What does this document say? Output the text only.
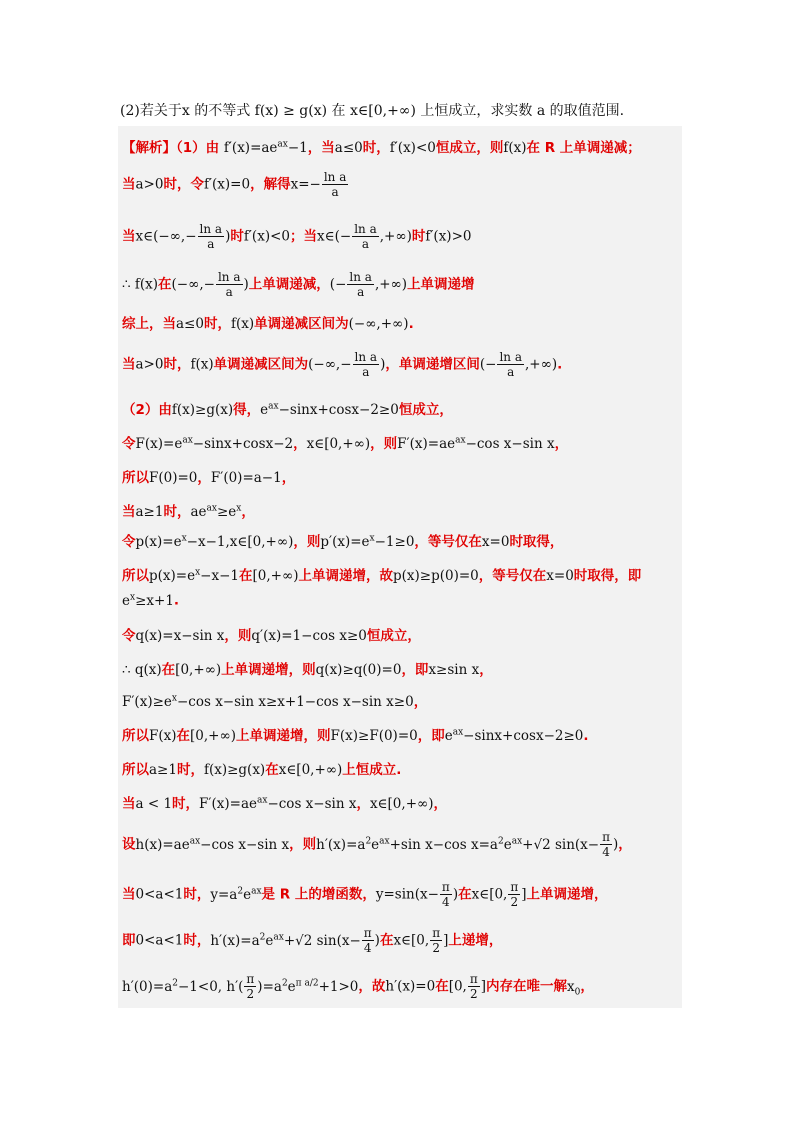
(2)若关于x 的不等式 f(x) ≥ g(x) 在 x∈[0,+∞) 上恒成立，求实数 a 的取值范围.
【解析】（1）由 $f'(x)=ae^{ax}-1$，当a≤0时，f′(x)<0恒成立，则f(x)在 R 上单调递减；
当a>0时，令f′(x)=0，解得$x=- \frac{\text{ln a}}{a}$
当x∈(−∞,− $\frac{\text{ln a}}{a}$ )时f′(x)<0；当x∈(− $\frac{\text{ln a}}{a}$ ,+∞)时f′(x)>0
∴ f(x)在(−∞,− $\frac{\text{ln a}}{a}$ )上单调递减，(− $\frac{\text{ln a}}{a}$ ,+∞)上单调递增
综上，当a≤0时，f(x)单调递减区间为(−∞,+∞).
当a>0时，f(x)单调递减区间为(−∞,− $\frac{\text{ln a}}{a}$ )，单调递增区间(− $\frac{\text{ln a}}{a}$ ,+∞).
（2）由f(x)≥g(x)得，$e^{ax}-\sin x+\cos x-2\ge 0$恒成立，
令$F(x)=e^{ax}-\sin x+\cos x-2$，x∈[0,+∞)，则$F'(x)=ae^{ax}-\cos$ x−sin x，
所以F(0)=0，F′(0)=a−1，
当a≥1时，$ae^{ax}\ge e^x$，
令$p(x)=e^x-x-1,x\in[0,+\infty)$，则$p'(x)=e^x-1\ge 0$，等号仅在x=0时取得，
所以$p(x)=e^x-x-1$在[0,+∞)上单调递增，故p(x)≥p(0)=0，等号仅在x=0时取得，即
$e^x\ge x+1$.
令q(x)=x−sin x，则q′(x)=1−cos x≥0恒成立，
∴ q(x)在[0,+∞)上单调递增，则q(x)≥q(0)=0，即x≥sin x，
$F'(x)\ge e^x-\cos$ x−sin x≥x+1−cos x−sin x≥0，
所以F(x)在[0,+∞)上单调递增，则F(x)≥F(0)=0，即$e^{ax}-\sin x+\cos x-2\ge 0$.
所以a≥1时，f(x)≥g(x)在x∈[0,+∞)上恒成立.
当a < 1时，$F'(x)=ae^{ax}-\cos$ x−sin x，x∈[0,+∞)，
设$h(x)=ae^{ax}-\cos$ x−sin x，则$h'(x)=a^2e^{ax}+\sin$ x−cos $x=a^2e^{ax}+√2$ $\sin(x- \frac{\pi}{4}$ )，
当0<a<1时，$y=a^2e^{ax}$是 R 上的增函数，$y=\sin(x- \frac{\pi}{4}$ )在x∈[0, $\frac{\pi}{2}$ ]上单调递增，
即0<a<1时，$h'(x)=a^2e^{ax}+√2$ $\sin(x- \frac{\pi}{4}$ )在x∈[0, $\frac{\pi}{2}$ ]上递增，
$h'(0)=a^2-1<0$, $h'( \frac{\pi}{2} )=a^2e^{\pi a/2}+1>0$，故h′(x)=0在[0, $\frac{\pi}{2}$ ]内存在唯一解$x_0$，
